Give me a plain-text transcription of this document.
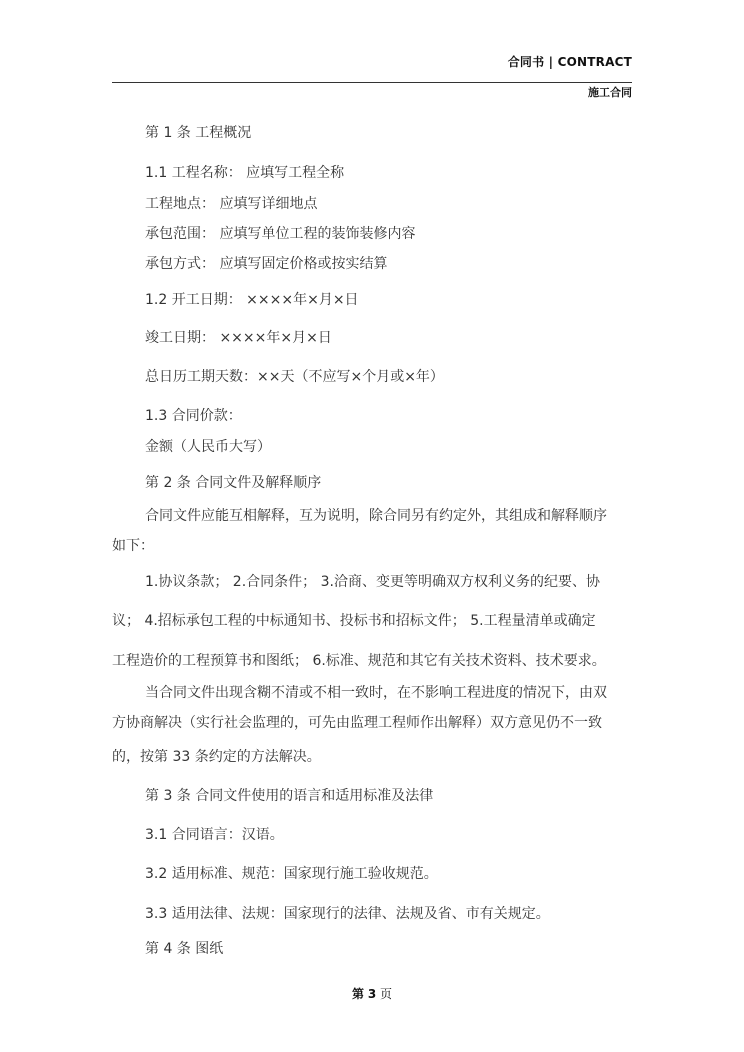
合同书 | CONTRACT
施工合同
第 1 条 工程概况
1.1 工程名称： 应填写工程全称
工程地点： 应填写详细地点
承包范围： 应填写单位工程的装饰装修内容
承包方式： 应填写固定价格或按实结算
1.2 开工日期： ××××年×月×日
竣工日期： ××××年×月×日
总日历工期天数：××天（不应写×个月或×年）
1.3 合同价款：
金额（人民币大写）
第 2 条 合同文件及解释顺序
合同文件应能互相解释，互为说明，除合同另有约定外，其组成和解释顺序
如下：
1.协议条款； 2.合同条件； 3.洽商、变更等明确双方权利义务的纪要、协
议； 4.招标承包工程的中标通知书、投标书和招标文件； 5.工程量清单或确定
工程造价的工程预算书和图纸； 6.标准、规范和其它有关技术资料、技术要求。
当合同文件出现含糊不清或不相一致时，在不影响工程进度的情况下，由双
方协商解决（实行社会监理的，可先由监理工程师作出解释）双方意见仍不一致
的，按第 33 条约定的方法解决。
第 3 条 合同文件使用的语言和适用标准及法律
3.1 合同语言：汉语。
3.2 适用标准、规范：国家现行施工验收规范。
3.3 适用法律、法规：国家现行的法律、法规及省、市有关规定。
第 4 条 图纸
第 3 页
